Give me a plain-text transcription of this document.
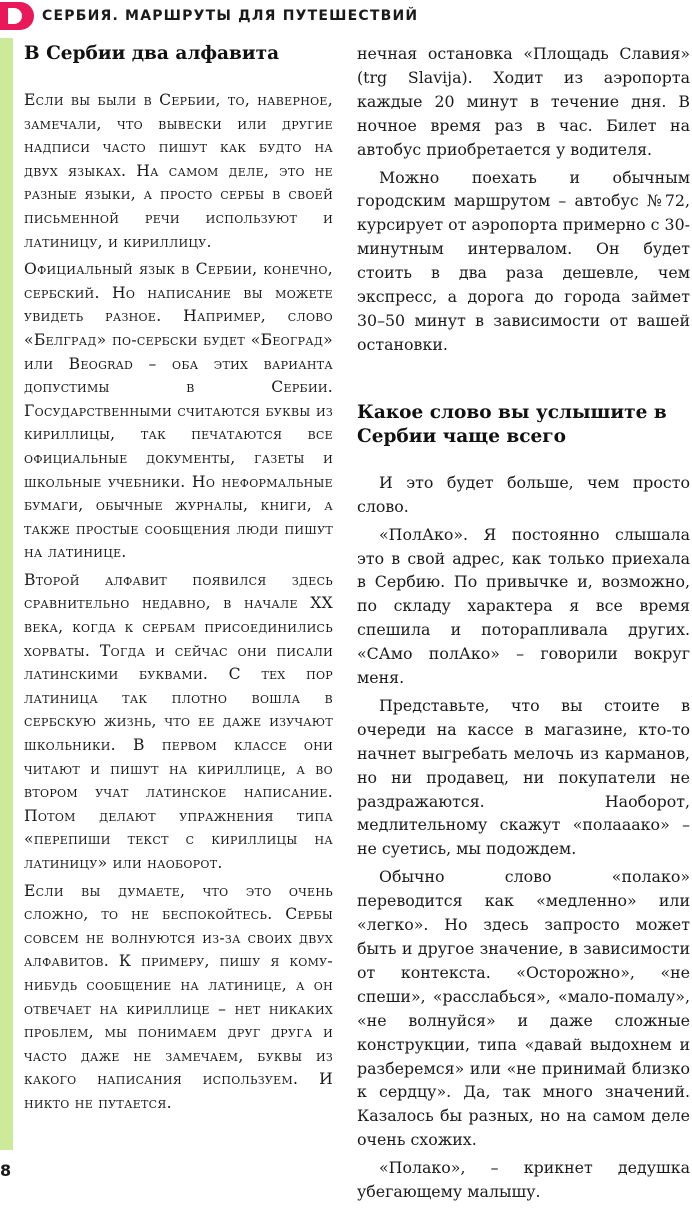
СЕРБИЯ. МАРШРУТЫ ДЛЯ ПУТЕШЕСТВИЙ
В Сербии два алфавита

Если вы были в Сербии, то, наверное, замечали, что вывески или другие надписи часто пишут как будто на двух языках. На самом деле, это не разные языки, а просто сербы в своей письменной речи используют и латиницу, и кириллицу.

Официальный язык в Сербии, конечно, сербский. Но написание вы можете увидеть разное. Например, слово «Белград» по-сербски будет «Београд» или Beograd – оба этих варианта допустимы в Сербии. Государственными считаются буквы из кириллицы, так печатаются все официальные документы, газеты и школьные учебники. Но неформальные бумаги, обычные журналы, книги, а также простые сообщения люди пишут на латинице.

Второй алфавит появился здесь сравнительно недавно, в начале XX века, когда к сербам присоединились хорваты. Тогда и сейчас они писали латинскими буквами. С тех пор латиница так плотно вошла в сербскую жизнь, что ее даже изучают школьники. В первом классе они читают и пишут на кириллице, а во втором учат латинское написание. Потом делают упражнения типа «перепиши текст с кириллицы на латиницу» или наоборот.

Если вы думаете, что это очень сложно, то не беспокойтесь. Сербы совсем не волнуются из-за своих двух алфавитов. К примеру, пишу я кому-нибудь сообщение на латинице, а он отвечает на кириллице – нет никаких проблем, мы понимаем друг друга и часто даже не замечаем, буквы из какого написания используем. И никто не путается.

нечная остановка «Площадь Славия» (trg Slavija). Ходит из аэропорта каждые 20 минут в течение дня. В ночное время раз в час. Билет на автобус приобретается у водителя.

Можно поехать и обычным городским маршрутом – автобус №72, курсирует от аэропорта примерно с 30-минутным интервалом. Он будет стоить в два раза дешевле, чем экспресс, а дорога до города займет 30–50 минут в зависимости от вашей остановки.

Какое слово вы услышите в Сербии чаще всего

И это будет больше, чем просто слово.

«ПолАко». Я постоянно слышала это в свой адрес, как только приехала в Сербию. По привычке и, возможно, по складу характера я все время спешила и поторапливала других. «САмо полАко» – говорили вокруг меня.

Представьте, что вы стоите в очереди на кассе в магазине, кто-то начнет выгребать мелочь из карманов, но ни продавец, ни покупатели не раздражаются. Наоборот, медлительному скажут «полааако» – не суетись, мы подождем.

Обычно слово «полако» переводится как «медленно» или «легко». Но здесь запросто может быть и другое значение, в зависимости от контекста. «Осторожно», «не спеши», «расслабься», «мало-помалу», «не волнуйся» и даже сложные конструкции, типа «давай выдохнем и разберемся» или «не принимай близко к сердцу». Да, так много значений. Казалось бы разных, но на самом деле очень схожих.

«Полако», – крикнет дедушка убегающему малышу.

8
